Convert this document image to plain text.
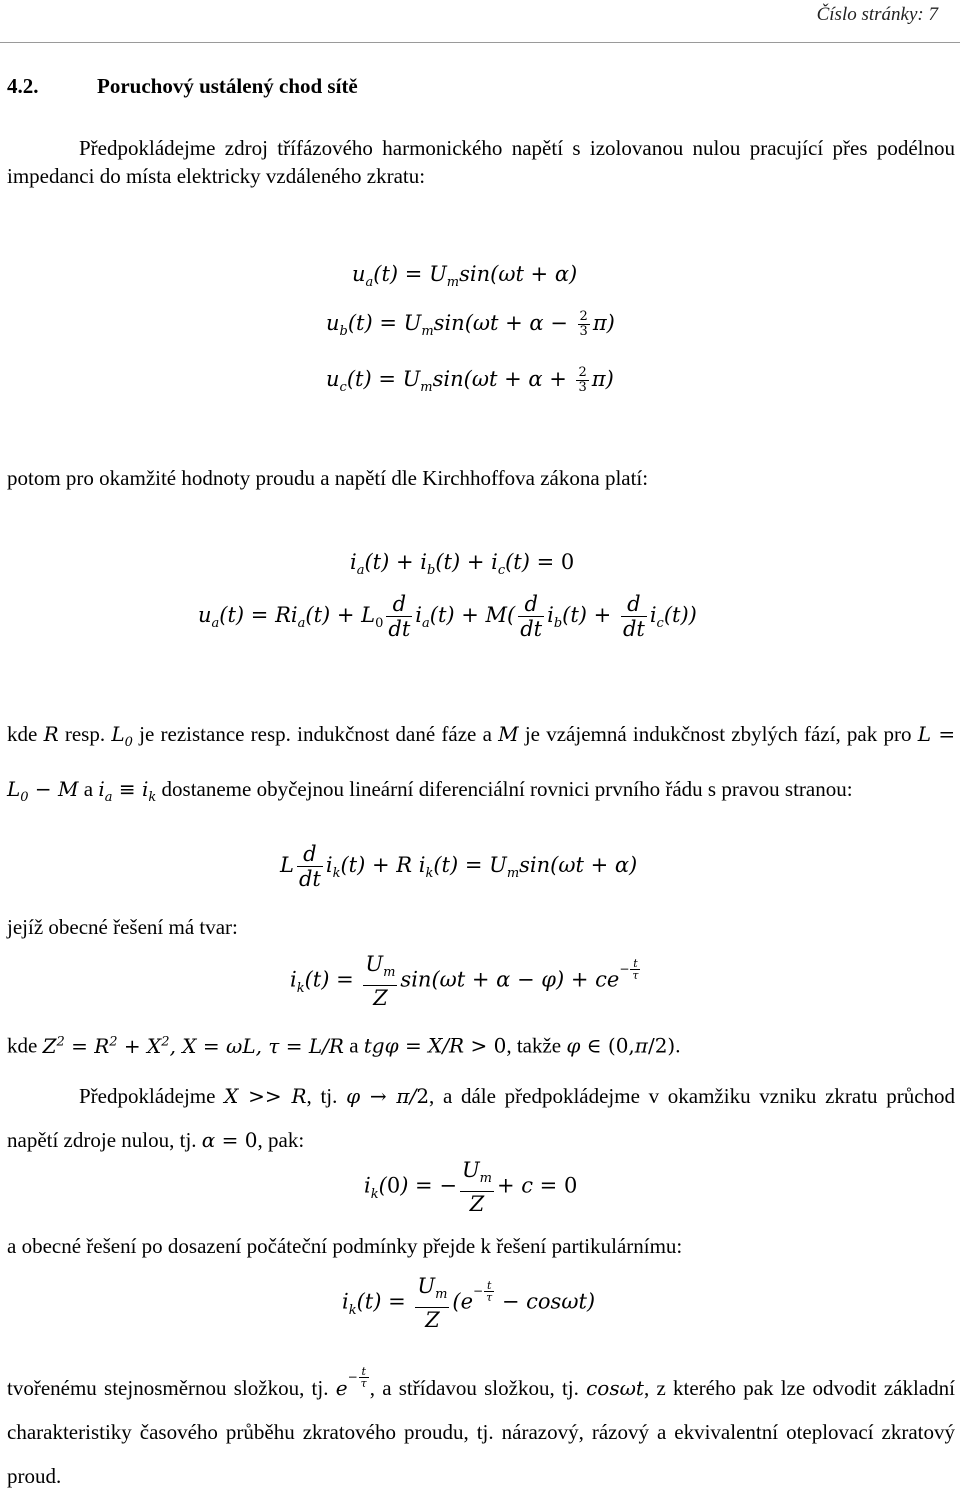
Číslo stránky: 7
4.2.	Poruchový ustálený chod sítě
Předpokládejme zdroj třífázového harmonického napětí s izolovanou nulou pracující přes podélnou impedanci do místa elektricky vzdáleného zkratu:
$u_a(t) = U_m\sin(\omega t + \alpha)$
$u_b(t) = U_m\sin(\omega t + \alpha - \frac{2}{3} \pi)$
$u_c(t) = U_m\sin(\omega t + \alpha + \frac{2}{3} \pi)$
potom pro okamžité hodnoty proudu a napětí dle Kirchhoffova zákona platí:
$i_a(t) + i_b(t) + i_c(t) = 0$
$u_a(t) = Ri_a(t) + L_0 \frac{d}{dt} i_a(t) + M( \frac{d}{dt} i_b(t) + \frac{d}{dt} i_c(t))$
kde R resp. $L_0$ je rezistance resp. indukčnost dané fáze a M je vzájemná indukčnost zbylých fází, pak pro $L = L_0 - M$ a $i_a \equiv i_k$ dostaneme obyčejnou lineární diferenciální rovnici prvního řádu s pravou stranou:
L $\frac{d}{dt} i_k(t) + R$ $i_k(t) = U_m\sin(\omega t + \alpha)$
jejíž obecné řešení má tvar:
$i_k(t) = \frac{U_m}{Z} \sin(\omega t + \alpha - \varphi) + ce^{- \frac{t}{\tau}}$
kde $Z^2 = R^2 + X^2$, X = ωL, τ = L/R a tgφ = X/R > 0, takže φ ∈ (0,π/2).
Předpokládejme X >> R, tj. φ → π/2, a dále předpokládejme v okamžiku vzniku zkratu průchod napětí zdroje nulou, tj. α = 0, pak:
$i_k(0)$ = − $\frac{U_m}{Z} + c = 0$
a obecné řešení po dosazení počáteční podmínky přejde k řešení partikulárnímu:
$i_k(t) = \frac{U_m}{Z} (e^{- \frac{t}{\tau}} - \cos\omega t)$
tvořenému stejnosměrnou složkou, tj. $e^{- \frac{t}{\tau}}$ , a střídavou složkou, tj. cosωt, z kterého pak lze odvodit základní charakteristiky časového průběhu zkratového proudu, tj. nárazový, rázový a ekvivalentní oteplovací zkratový proud.
